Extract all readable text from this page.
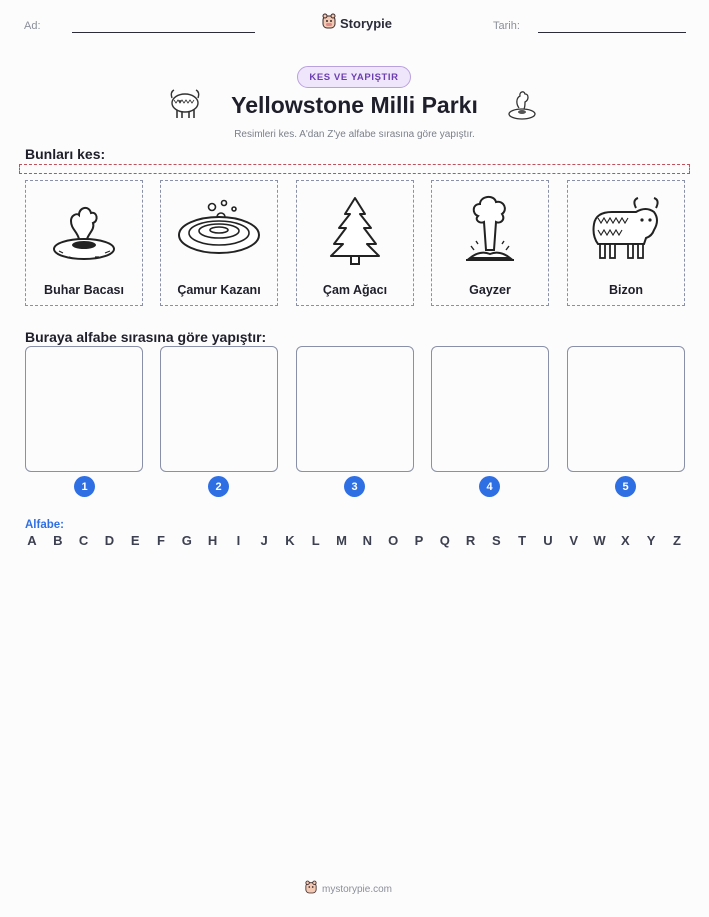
Ad:	Storypie	Tarih:
KES VE YAPIŞTIR
Yellowstone Milli Parkı
Resimleri kes. A'dan Z'ye alfabe sırasına göre yapıştır.
Bunları kes:
Buhar Bacası	Çamur Kazanı	Çam Ağacı	Gayzer	Bizon
Buraya alfabe sırasına göre yapıştır:
1	2	3	4	5
Alfabe:
A B C D E F G H	I	J K L M N O P Q R S T U V W X Y Z
mystorypie.com
